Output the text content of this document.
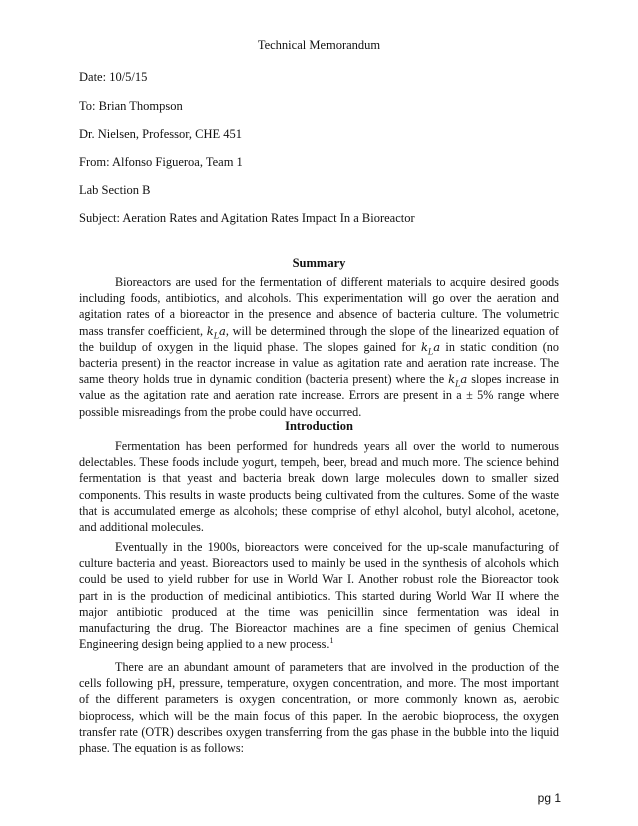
Technical Memorandum
Date: 10/5/15
To: Brian Thompson
Dr. Nielsen, Professor, CHE 451
From: Alfonso Figueroa, Team 1
Lab Section B
Subject: Aeration Rates and Agitation Rates Impact In a Bioreactor
Summary
Bioreactors are used for the fermentation of different materials to acquire desired goods
including foods, antibiotics, and alcohols. This experimentation will go over the aeration and
agitation rates of a bioreactor in the presence and absence of bacteria culture. The volumetric
mass transfer coefficient, $k_La$, will be determined through the slope of the linearized equation of
the buildup of oxygen in the liquid phase. The slopes gained for $k_La$ in static condition (no
bacteria present) in the reactor increase in value as agitation rate and aeration rate increase. The
same theory holds true in dynamic condition (bacteria present) where the $k_La$ slopes increase in
value as the agitation rate and aeration rate increase. Errors are present in a ± 5% range where
possible misreadings from the probe could have occurred.
Introduction
Fermentation has been performed for hundreds years all over the world to numerous
delectables. These foods include yogurt, tempeh, beer, bread and much more. The science behind
fermentation is that yeast and bacteria break down large molecules down to smaller sized
components. This results in waste products being cultivated from the cultures. Some of the waste
that is accumulated emerge as alcohols; these comprise of ethyl alcohol, butyl alcohol, acetone,
and additional molecules.
Eventually in the 1900s, bioreactors were conceived for the up-scale manufacturing of
culture bacteria and yeast. Bioreactors used to mainly be used in the synthesis of alcohols which
could be used to yield rubber for use in World War I. Another robust role the Bioreactor took
part in is the production of medicinal antibiotics. This started during World War II where the
major antibiotic produced at the time was penicillin since fermentation was ideal in
manufacturing the drug. The Bioreactor machines are a fine specimen of genius Chemical
Engineering design being applied to a new process.$^1$
There are an abundant amount of parameters that are involved in the production of the
cells following pH, pressure, temperature, oxygen concentration, and more. The most important
of the different parameters is oxygen concentration, or more commonly known as, aerobic
bioprocess, which will be the main focus of this paper. In the aerobic bioprocess, the oxygen
transfer rate (OTR) describes oxygen transferring from the gas phase in the bubble into the liquid
phase. The equation is as follows:
pg 1
